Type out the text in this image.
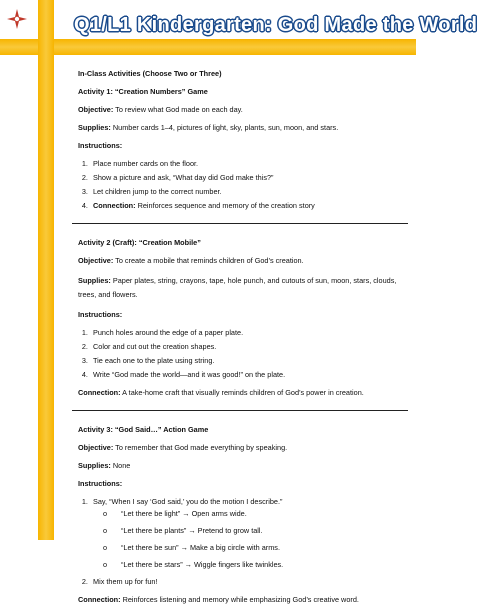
Q1/L1 Kindergarten: God Made the World

In-Class Activities (Choose Two or Three)

Activity 1: “Creation Numbers” Game

Objective: To review what God made on each day.

Supplies: Number cards 1–4, pictures of light, sky, plants, sun, moon, and stars.

Instructions:

1. Place number cards on the floor.
2. Show a picture and ask, “What day did God make this?”
3. Let children jump to the correct number.
4. Connection: Reinforces sequence and memory of the creation story

Activity 2 (Craft): “Creation Mobile”

Objective: To create a mobile that reminds children of God’s creation.

Supplies: Paper plates, string, crayons, tape, hole punch, and cutouts of sun, moon, stars, clouds, trees, and flowers.

Instructions:

1. Punch holes around the edge of a paper plate.
2. Color and cut out the creation shapes.
3. Tie each one to the plate using string.
4. Write “God made the world—and it was good!” on the plate.

Connection: A take-home craft that visually reminds children of God’s power in creation.

Activity 3: “God Said…” Action Game

Objective: To remember that God made everything by speaking.

Supplies: None

Instructions:

1. Say, “When I say ‘God said,’ you do the motion I describe.”
o “Let there be light” → Open arms wide.
o “Let there be plants” → Pretend to grow tall.
o “Let there be sun” → Make a big circle with arms.
o “Let there be stars” → Wiggle fingers like twinkles.
2. Mix them up for fun!

Connection: Reinforces listening and memory while emphasizing God’s creative word.
